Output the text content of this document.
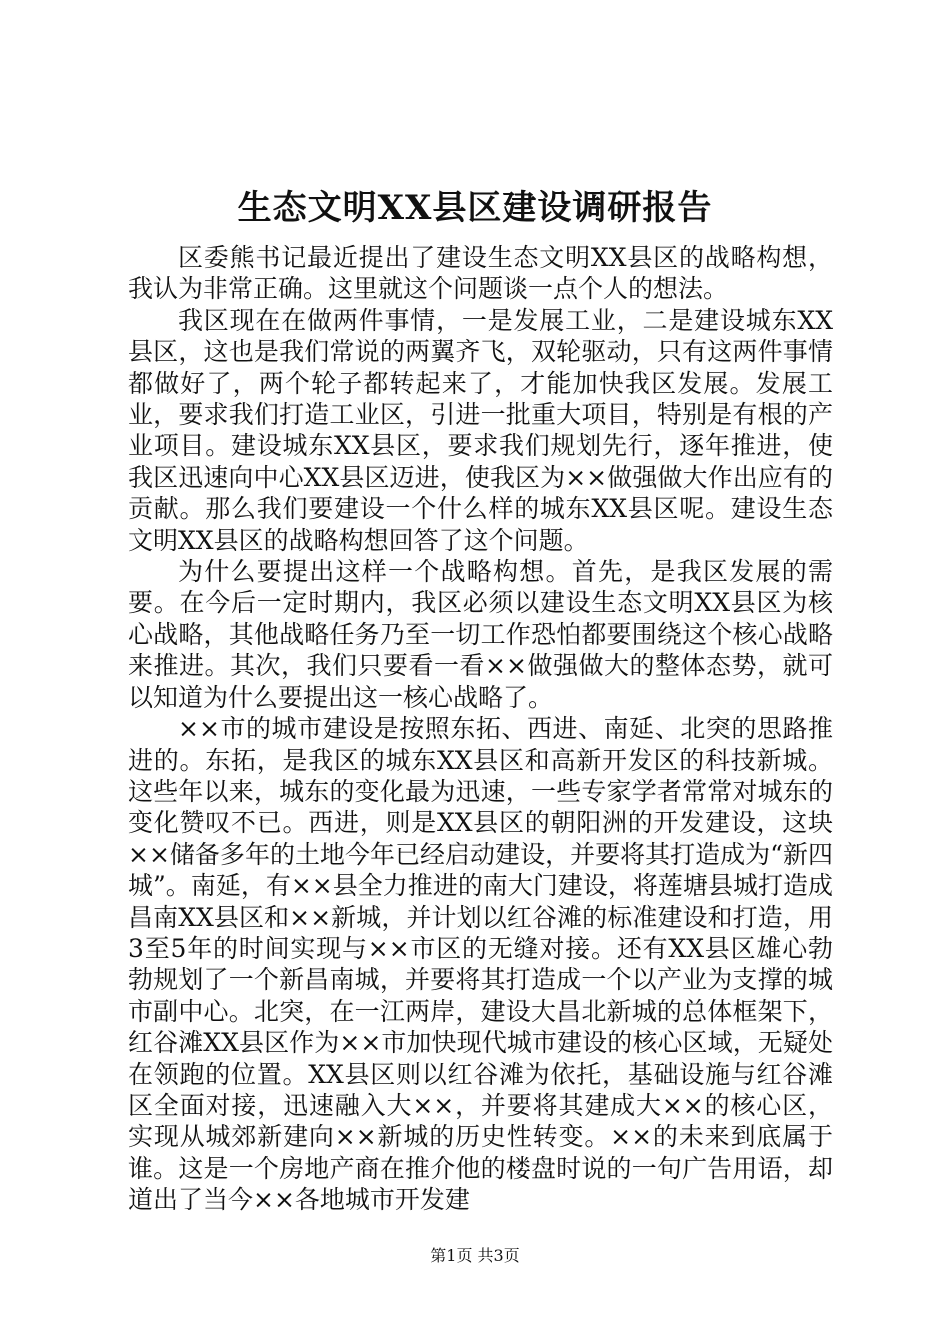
生态文明XX县区建设调研报告

区委熊书记最近提出了建设生态文明XX县区的战略构想，我认为非常正确。这里就这个问题谈一点个人的想法。

我区现在在做两件事情，一是发展工业，二是建设城东XX县区，这也是我们常说的两翼齐飞，双轮驱动，只有这两件事情都做好了，两个轮子都转起来了，才能加快我区发展。发展工业，要求我们打造工业区，引进一批重大项目，特别是有根的产业项目。建设城东XX县区，要求我们规划先行，逐年推进，使我区迅速向中心XX县区迈进，使我区为××做强做大作出应有的贡献。那么我们要建设一个什么样的城东XX县区呢。建设生态文明XX县区的战略构想回答了这个问题。

为什么要提出这样一个战略构想。首先，是我区发展的需要。在今后一定时期内，我区必须以建设生态文明XX县区为核心战略，其他战略任务乃至一切工作恐怕都要围绕这个核心战略来推进。其次，我们只要看一看××做强做大的整体态势，就可以知道为什么要提出这一核心战略了。

××市的城市建设是按照东拓、西进、南延、北突的思路推进的。东拓，是我区的城东XX县区和高新开发区的科技新城。这些年以来，城东的变化最为迅速，一些专家学者常常对城东的变化赞叹不已。西进，则是XX县区的朝阳洲的开发建设，这块××储备多年的土地今年已经启动建设，并要将其打造成为“新四城”。南延，有××县全力推进的南大门建设，将莲塘县城打造成昌南XX县区和××新城，并计划以红谷滩的标准建设和打造，用3至5年的时间实现与××市区的无缝对接。还有XX县区雄心勃勃规划了一个新昌南城，并要将其打造成一个以产业为支撑的城市副中心。北突，在一江两岸，建设大昌北新城的总体框架下，红谷滩XX县区作为××市加快现代城市建设的核心区域，无疑处在领跑的位置。XX县区则以红谷滩为依托，基础设施与红谷滩区全面对接，迅速融入大××，并要将其建成大××的核心区，实现从城郊新建向××新城的历史性转变。××的未来到底属于谁。这是一个房地产商在推介他的楼盘时说的一句广告用语，却道出了当今××各地城市开发建

第1页 共3页
